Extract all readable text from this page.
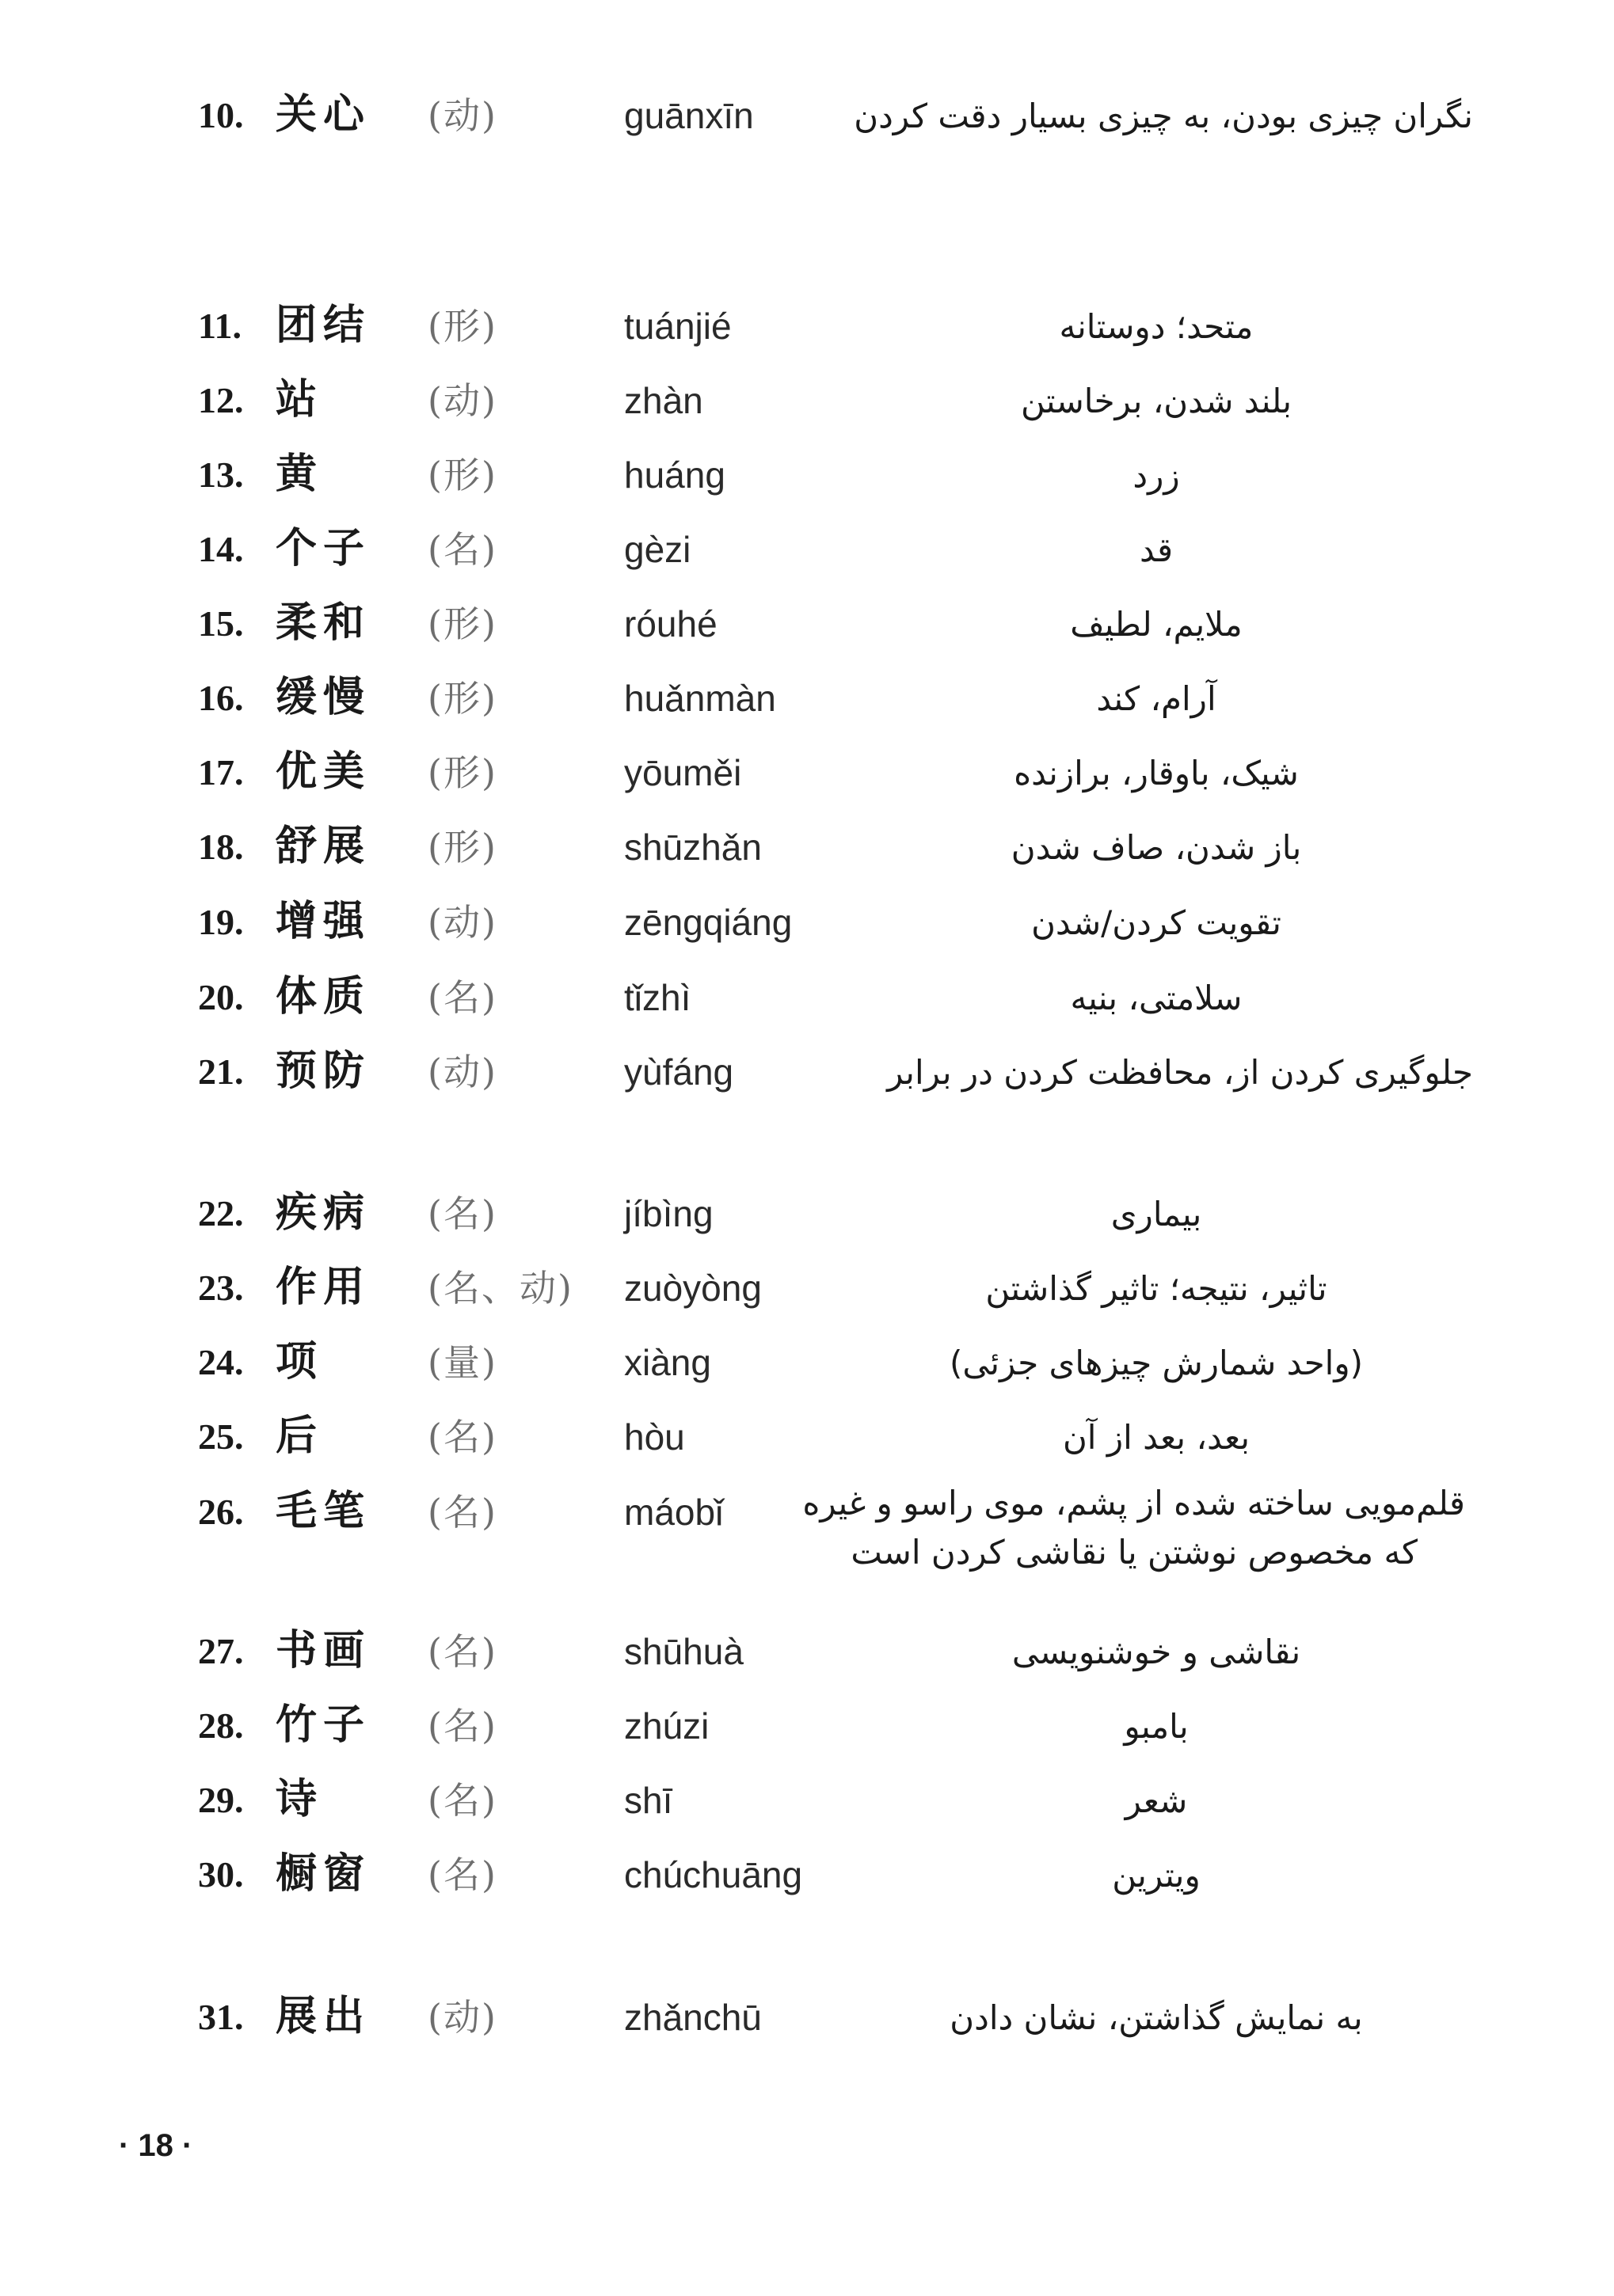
10. 关心 (动)	guānxīn	نگران چیزی بودن، به چیزی بسیار دقت کردن
11. 团结 (形)	tuánjié	متحد؛ دوستانه
12. 站	(动)	zhàn	بلند شدن، برخاستن
13. 黄	(形)	huáng	زرد
14. 个子 (名)	gèzi	قد
15. 柔和 (形)	róuhé	ملایم، لطیف
16. 缓慢 (形)	huǎnmàn	آرام، کند
17. 优美 (形)	yōuměi	شیک، باوقار، برازنده
18. 舒展 (形)	shūzhǎn	باز شدن، صاف شدن
19. 增强 (动)	zēngqiáng	تقویت کردن/شدن
20. 体质 (名)	tǐzhì	سلامتی، بنیه
21. 预防 (动)	yùfáng	جلوگیری کردن از، محافظت کردن در برابر
22. 疾病 (名)	jíbìng	بیماری
23. 作用 (名、动) zuòyòng	تاثیر، نتیجه؛ تاثیر گذاشتن
24. 项	(量)	xiàng	(واحد شمارش چیزهای جزئی)
25. 后	(名)	hòu	بعد، بعد از آن
26. 毛笔 (名)	máobǐ قلم‌مویی ساخته شده از پشم، موی راسو و غیره
که مخصوص نوشتن یا نقاشی کردن است
27. 书画 (名)	shūhuà	نقاشی و خوشنویسی
28. 竹子 (名)	zhúzi	بامبو
29. 诗	(名)	shī	شعر
30. 橱窗 (名)	chúchuāng	ویترین
31. 展出 (动)	zhǎnchū	به نمایش گذاشتن، نشان دادن
· 18 ·
